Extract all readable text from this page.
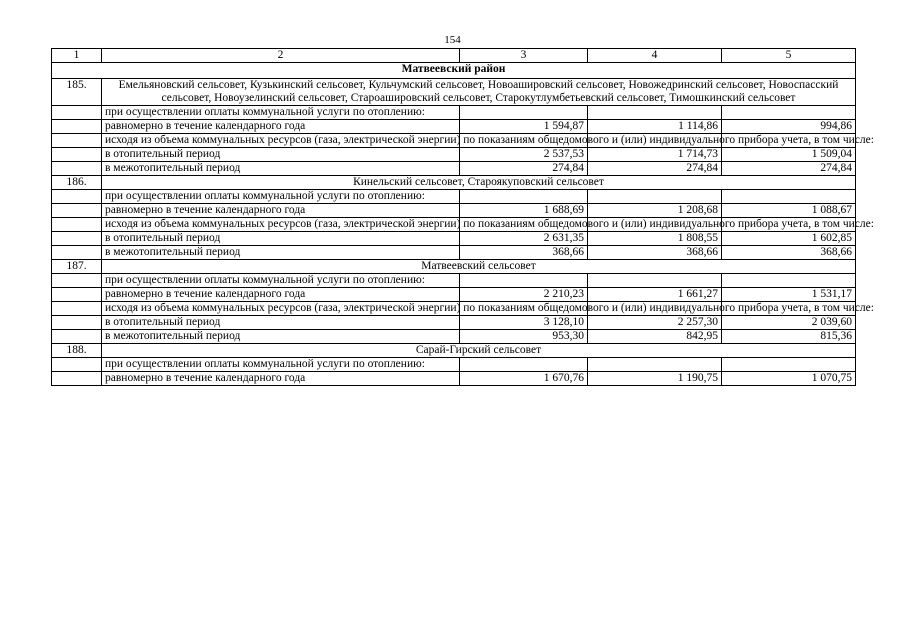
154
1	2	3	4	5
Матвеевский район				
185.	Емельяновский сельсовет, Кузькинский сельсовет, Кульчумский сельсовет, Новоашировский сельсовет, Новожедринский сельсовет, Новоспасский сельсовет, Новоузелинский сельсовет, Староашировский сельсовет, Старокутлумбетьевский сельсовет, Тимошкинский сельсовет			
	при осуществлении оплаты коммунальной услуги по отоплению:			
	равномерно в течение календарного года	1 594,87	1 114,86	994,86
	исходя из объема коммунальных ресурсов (газа, электрической энергии) по показаниям общедомового и (или) индивидуального прибора учета, в том числе:			
	в отопительный период	2 537,53	1 714,73	1 509,04
	в межотопительный период	274,84	274,84	274,84
186.	Кинельский сельсовет, Староякуповский сельсовет			
	при осуществлении оплаты коммунальной услуги по отоплению:			
	равномерно в течение календарного года	1 688,69	1 208,68	1 088,67
	исходя из объема коммунальных ресурсов (газа, электрической энергии) по показаниям общедомового и (или) индивидуального прибора учета, в том числе:			
	в отопительный период	2 631,35	1 808,55	1 602,85
	в межотопительный период	368,66	368,66	368,66
187.	Матвеевский сельсовет			
	при осуществлении оплаты коммунальной услуги по отоплению:			
	равномерно в течение календарного года	2 210,23	1 661,27	1 531,17
	исходя из объема коммунальных ресурсов (газа, электрической энергии) по показаниям общедомового и (или) индивидуального прибора учета, в том числе:			
	в отопительный период	3 128,10	2 257,30	2 039,60
	в межотопительный период	953,30	842,95	815,36
188.	Сарай-Гирский сельсовет			
	при осуществлении оплаты коммунальной услуги по отоплению:			
	равномерно в течение календарного года	1 670,76	1 190,75	1 070,75
